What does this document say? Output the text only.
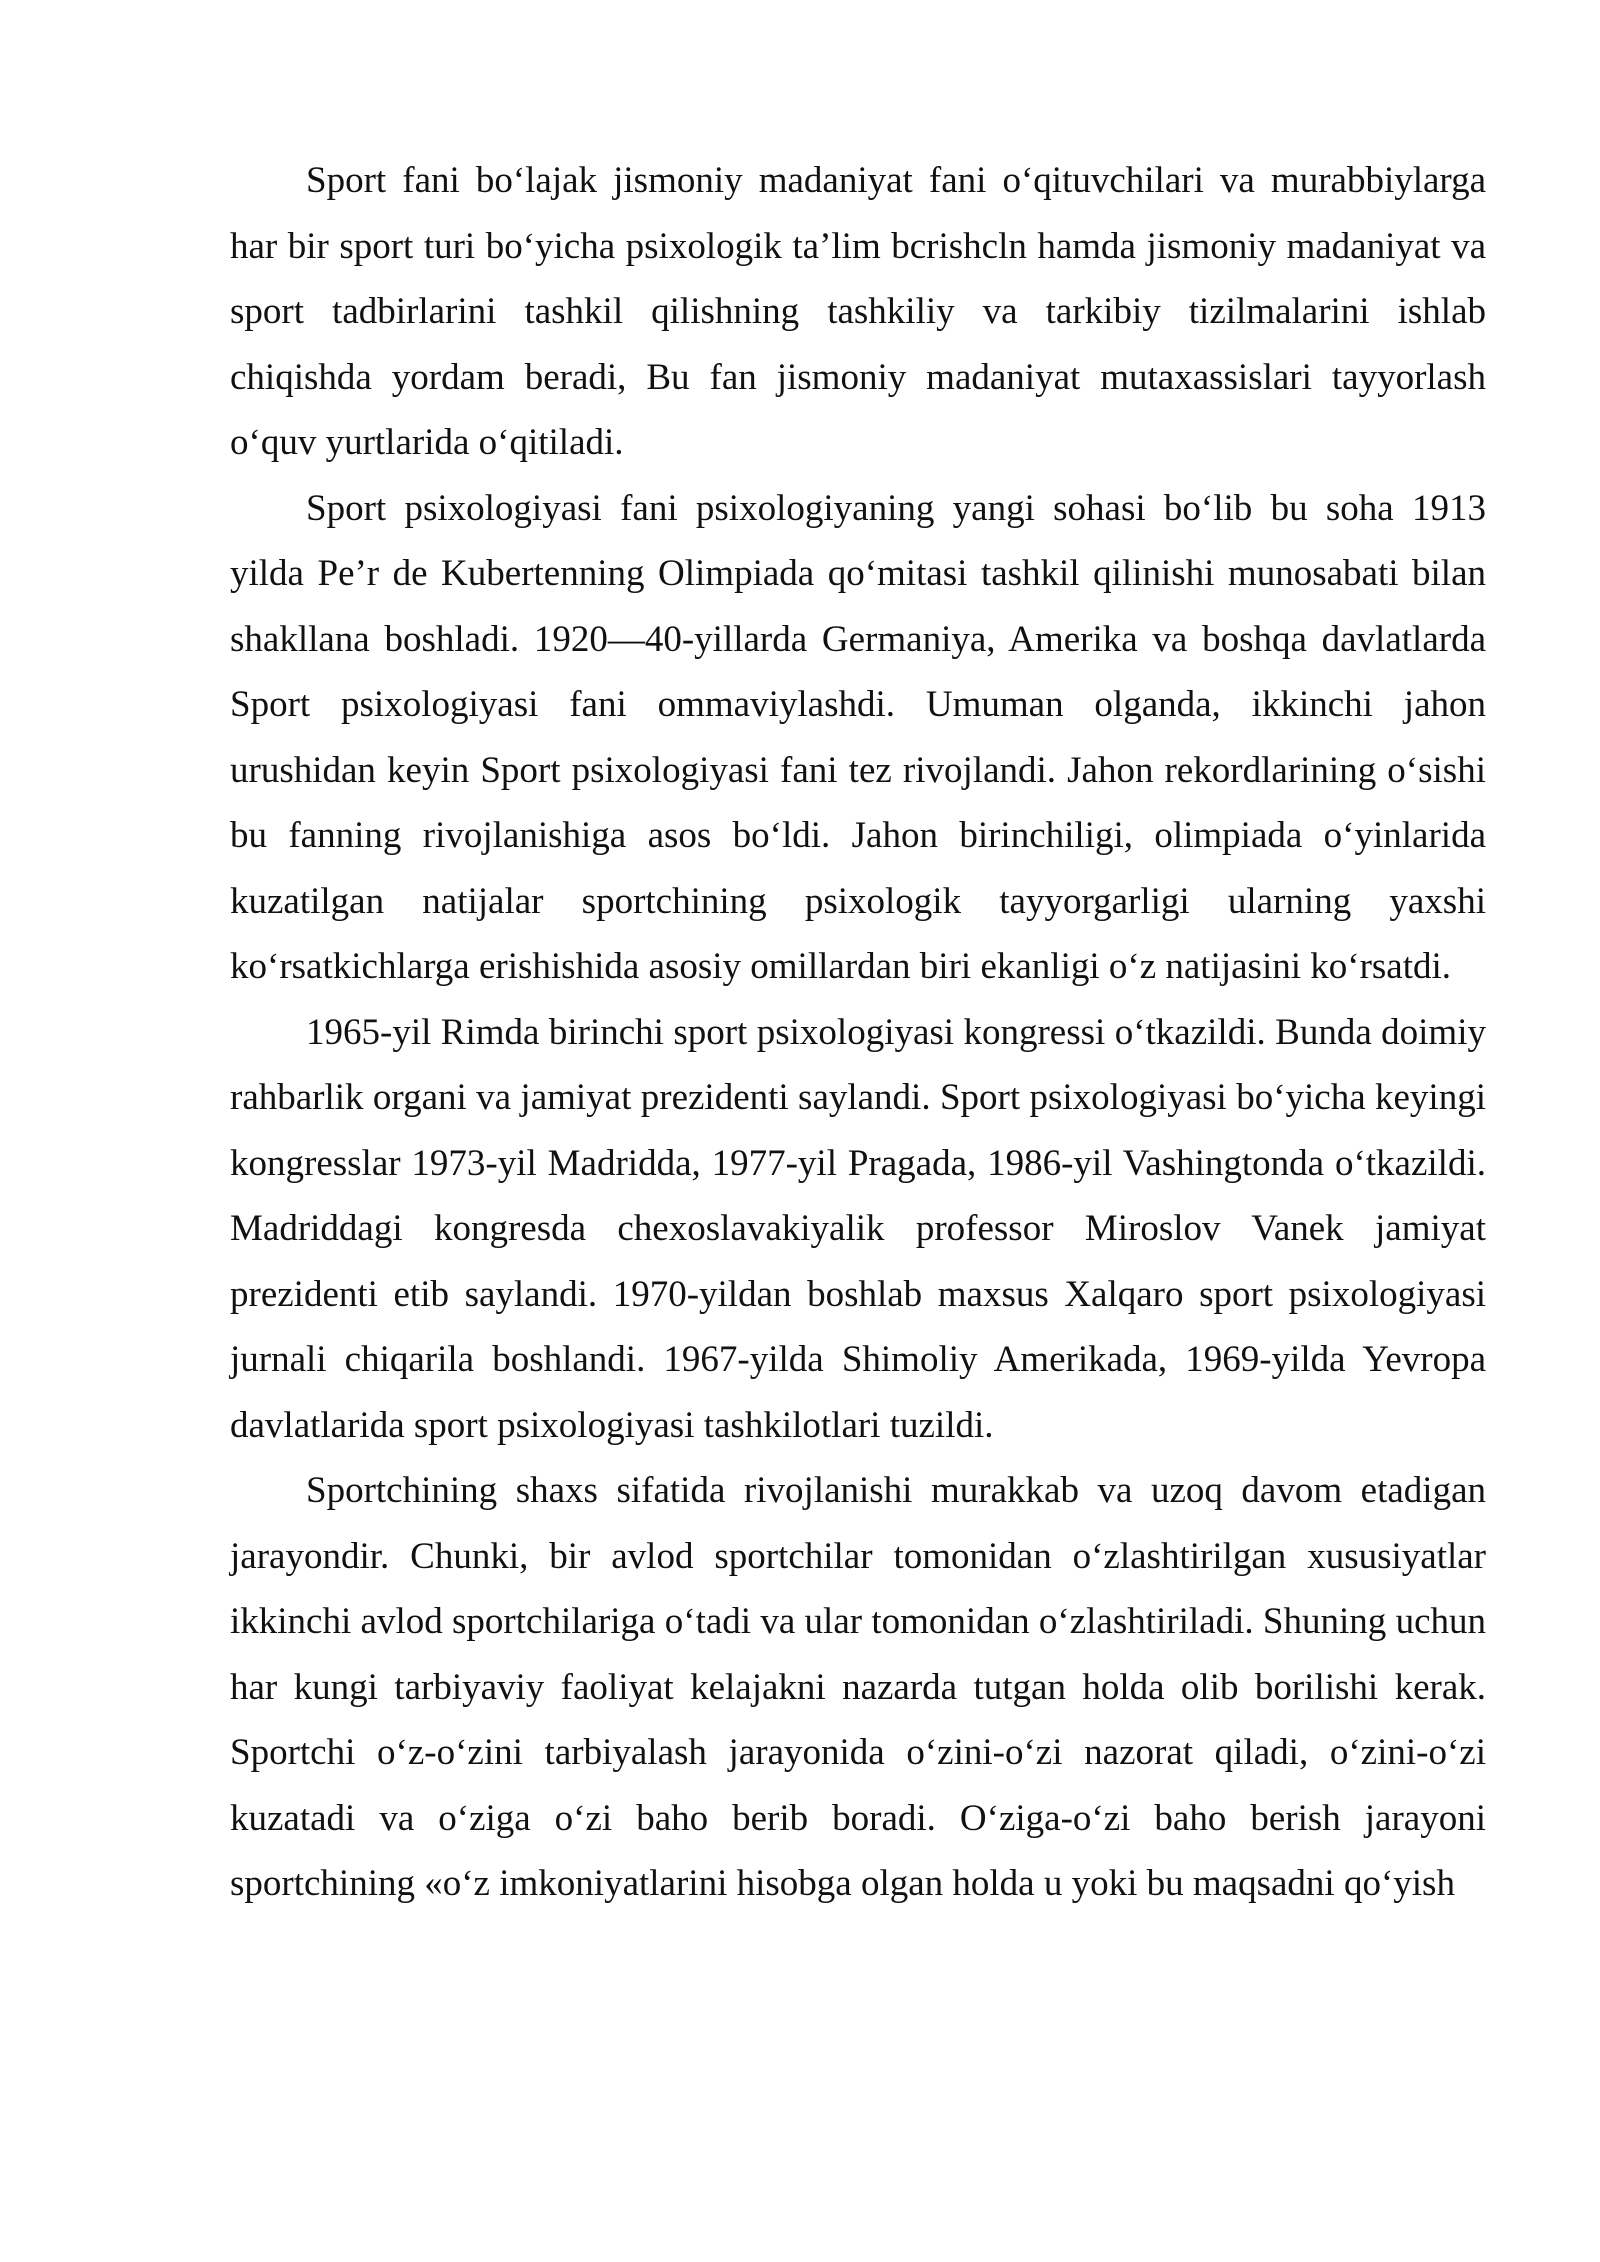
Sport fani bo‘lajak jismoniy madaniyat fani o‘qituvchilari va murabbiylarga har bir sport turi bo‘yicha psixologik ta’lim bcrishcln hamda jismoniy madaniyat va sport tadbirlarini tashkil qilishning tashkiliy va tarkibiy tizilmalarini ishlab chiqishda yordam beradi, Bu fan jismoniy madaniyat mutaxassislari tayyorlash o‘quv yurtlarida o‘qitiladi.

Sport psixologiyasi fani psixologiyaning yangi sohasi bo‘lib bu soha 1913 yilda Pe’r de Kubertenning Olimpiada qo‘mitasi tashkil qilinishi munosabati bilan shakllana boshladi. 1920—40-yillarda Germaniya, Amerika va boshqa davlatlarda Sport psixologiyasi fani ommaviylashdi. Umuman olganda, ikkinchi jahon urushidan keyin Sport psixologiyasi fani tez rivojlandi. Jahon rekordlarining o‘sishi bu fanning rivojlanishiga asos bo‘ldi. Jahon birinchiligi, olimpiada o‘yinlarida kuzatilgan natijalar sportchining psixologik tayyorgarligi ularning yaxshi ko‘rsatkichlarga erishishida asosiy omillardan biri ekanligi o‘z natijasini ko‘rsatdi.

1965-yil Rimda birinchi sport psixologiyasi kongressi o‘tkazildi. Bunda doimiy rahbarlik organi va jamiyat prezidenti saylandi. Sport psixologiyasi bo‘yicha keyingi kongresslar 1973-yil Madridda, 1977-yil Pragada, 1986-yil Vashingtonda o‘tkazildi. Madriddagi kongresda chexoslavakiyalik professor Miroslov Vanek jamiyat prezidenti etib saylandi. 1970-yildan boshlab maxsus Xalqaro sport psixologiyasi jurnali chiqarila boshlandi. 1967-yilda Shimoliy Amerikada, 1969-yilda Yevropa davlatlarida sport psixologiyasi tashkilotlari tuzildi.

Sportchining shaxs sifatida rivojlanishi murakkab va uzoq davom etadigan jarayondir. Chunki, bir avlod sportchilar tomonidan o‘zlashtirilgan xususiyatlar ikkinchi avlod sportchilariga o‘tadi va ular tomonidan o‘zlashtiriladi. Shuning uchun har kungi tarbiyaviy faoliyat kelajakni nazarda tutgan holda olib borilishi kerak. Sportchi o‘z-o‘zini tarbiyalash jarayonida o‘zini-o‘zi nazorat qiladi, o‘zini-o‘zi kuzatadi va o‘ziga o‘zi baho berib boradi. O‘ziga-o‘zi baho berish jarayoni sportchining «o‘z imkoniyatlarini hisobga olgan holda u yoki bu maqsadni qo‘yish
